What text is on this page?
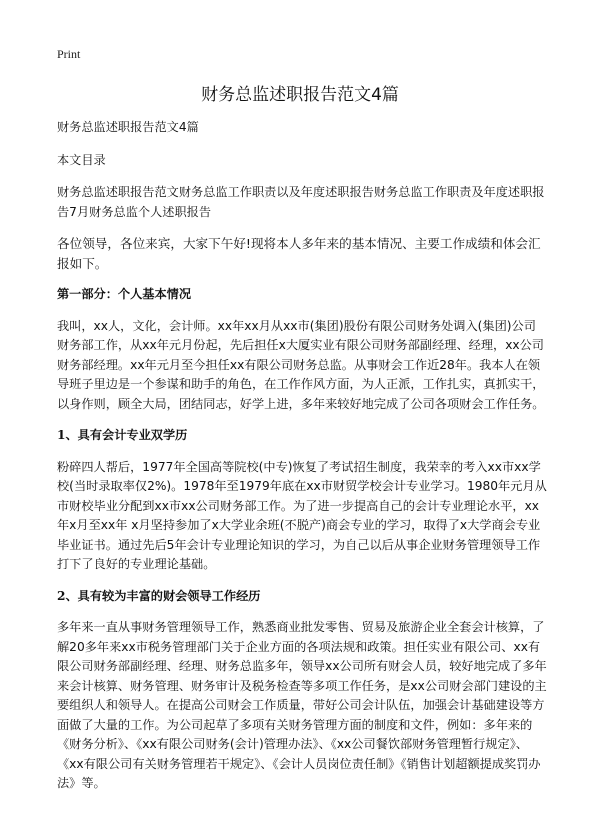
Print
财务总监述职报告范文4篇

财务总监述职报告范文4篇

本文目录

财务总监述职报告范文财务总监工作职责以及年度述职报告财务总监工作职责及年度述职报告7月财务总监个人述职报告

各位领导，各位来宾，大家下午好!现将本人多年来的基本情况、主要工作成绩和体会汇报如下。

第一部分：个人基本情况

我叫，xx人，文化，会计师。xx年xx月从xx市(集团)股份有限公司财务处调入(集团)公司财务部工作，从xx年元月份起，先后担任x大厦实业有限公司财务部副经理、经理，xx公司财务部经理。xx年元月至今担任xx有限公司财务总监。从事财会工作近28年。我本人在领导班子里边是一个参谋和助手的角色，在工作作风方面，为人正派，工作扎实，真抓实干，以身作则，顾全大局，团结同志，好学上进，多年来较好地完成了公司各项财会工作任务。

1、具有会计专业双学历

粉碎四人帮后，1977年全国高等院校(中专)恢复了考试招生制度，我荣幸的考入xx市xx学校(当时录取率仅2%)。1978年至1979年底在xx市财贸学校会计专业学习。1980年元月从市财校毕业分配到xx市xx公司财务部工作。为了进一步提高自己的会计专业理论水平，xx年x月至xx年 x月坚持参加了x大学业余班(不脱产)商会专业的学习，取得了x大学商会专业毕业证书。通过先后5年会计专业理论知识的学习，为自己以后从事企业财务管理领导工作打下了良好的专业理论基础。

2、具有较为丰富的财会领导工作经历

多年来一直从事财务管理领导工作，熟悉商业批发零售、贸易及旅游企业全套会计核算，了解20多年来xx市税务管理部门关于企业方面的各项法规和政策。担任实业有限公司、xx有限公司财务部副经理、经理、财务总监多年，领导xx公司所有财会人员，较好地完成了多年来会计核算、财务管理、财务审计及税务检查等多项工作任务，是xx公司财会部门建设的主要组织人和领导人。在提高公司财会工作质量，带好公司会计队伍，加强会计基础建设等方面做了大量的工作。为公司起草了多项有关财务管理方面的制度和文件，例如：多年来的《财务分析》、《xx有限公司财务(会计)管理办法》、《xx公司餐饮部财务管理暂行规定》、《xx有限公司有关财务管理若干规定》、《会计人员岗位责任制》《销售计划超额提成奖罚办法》等。
